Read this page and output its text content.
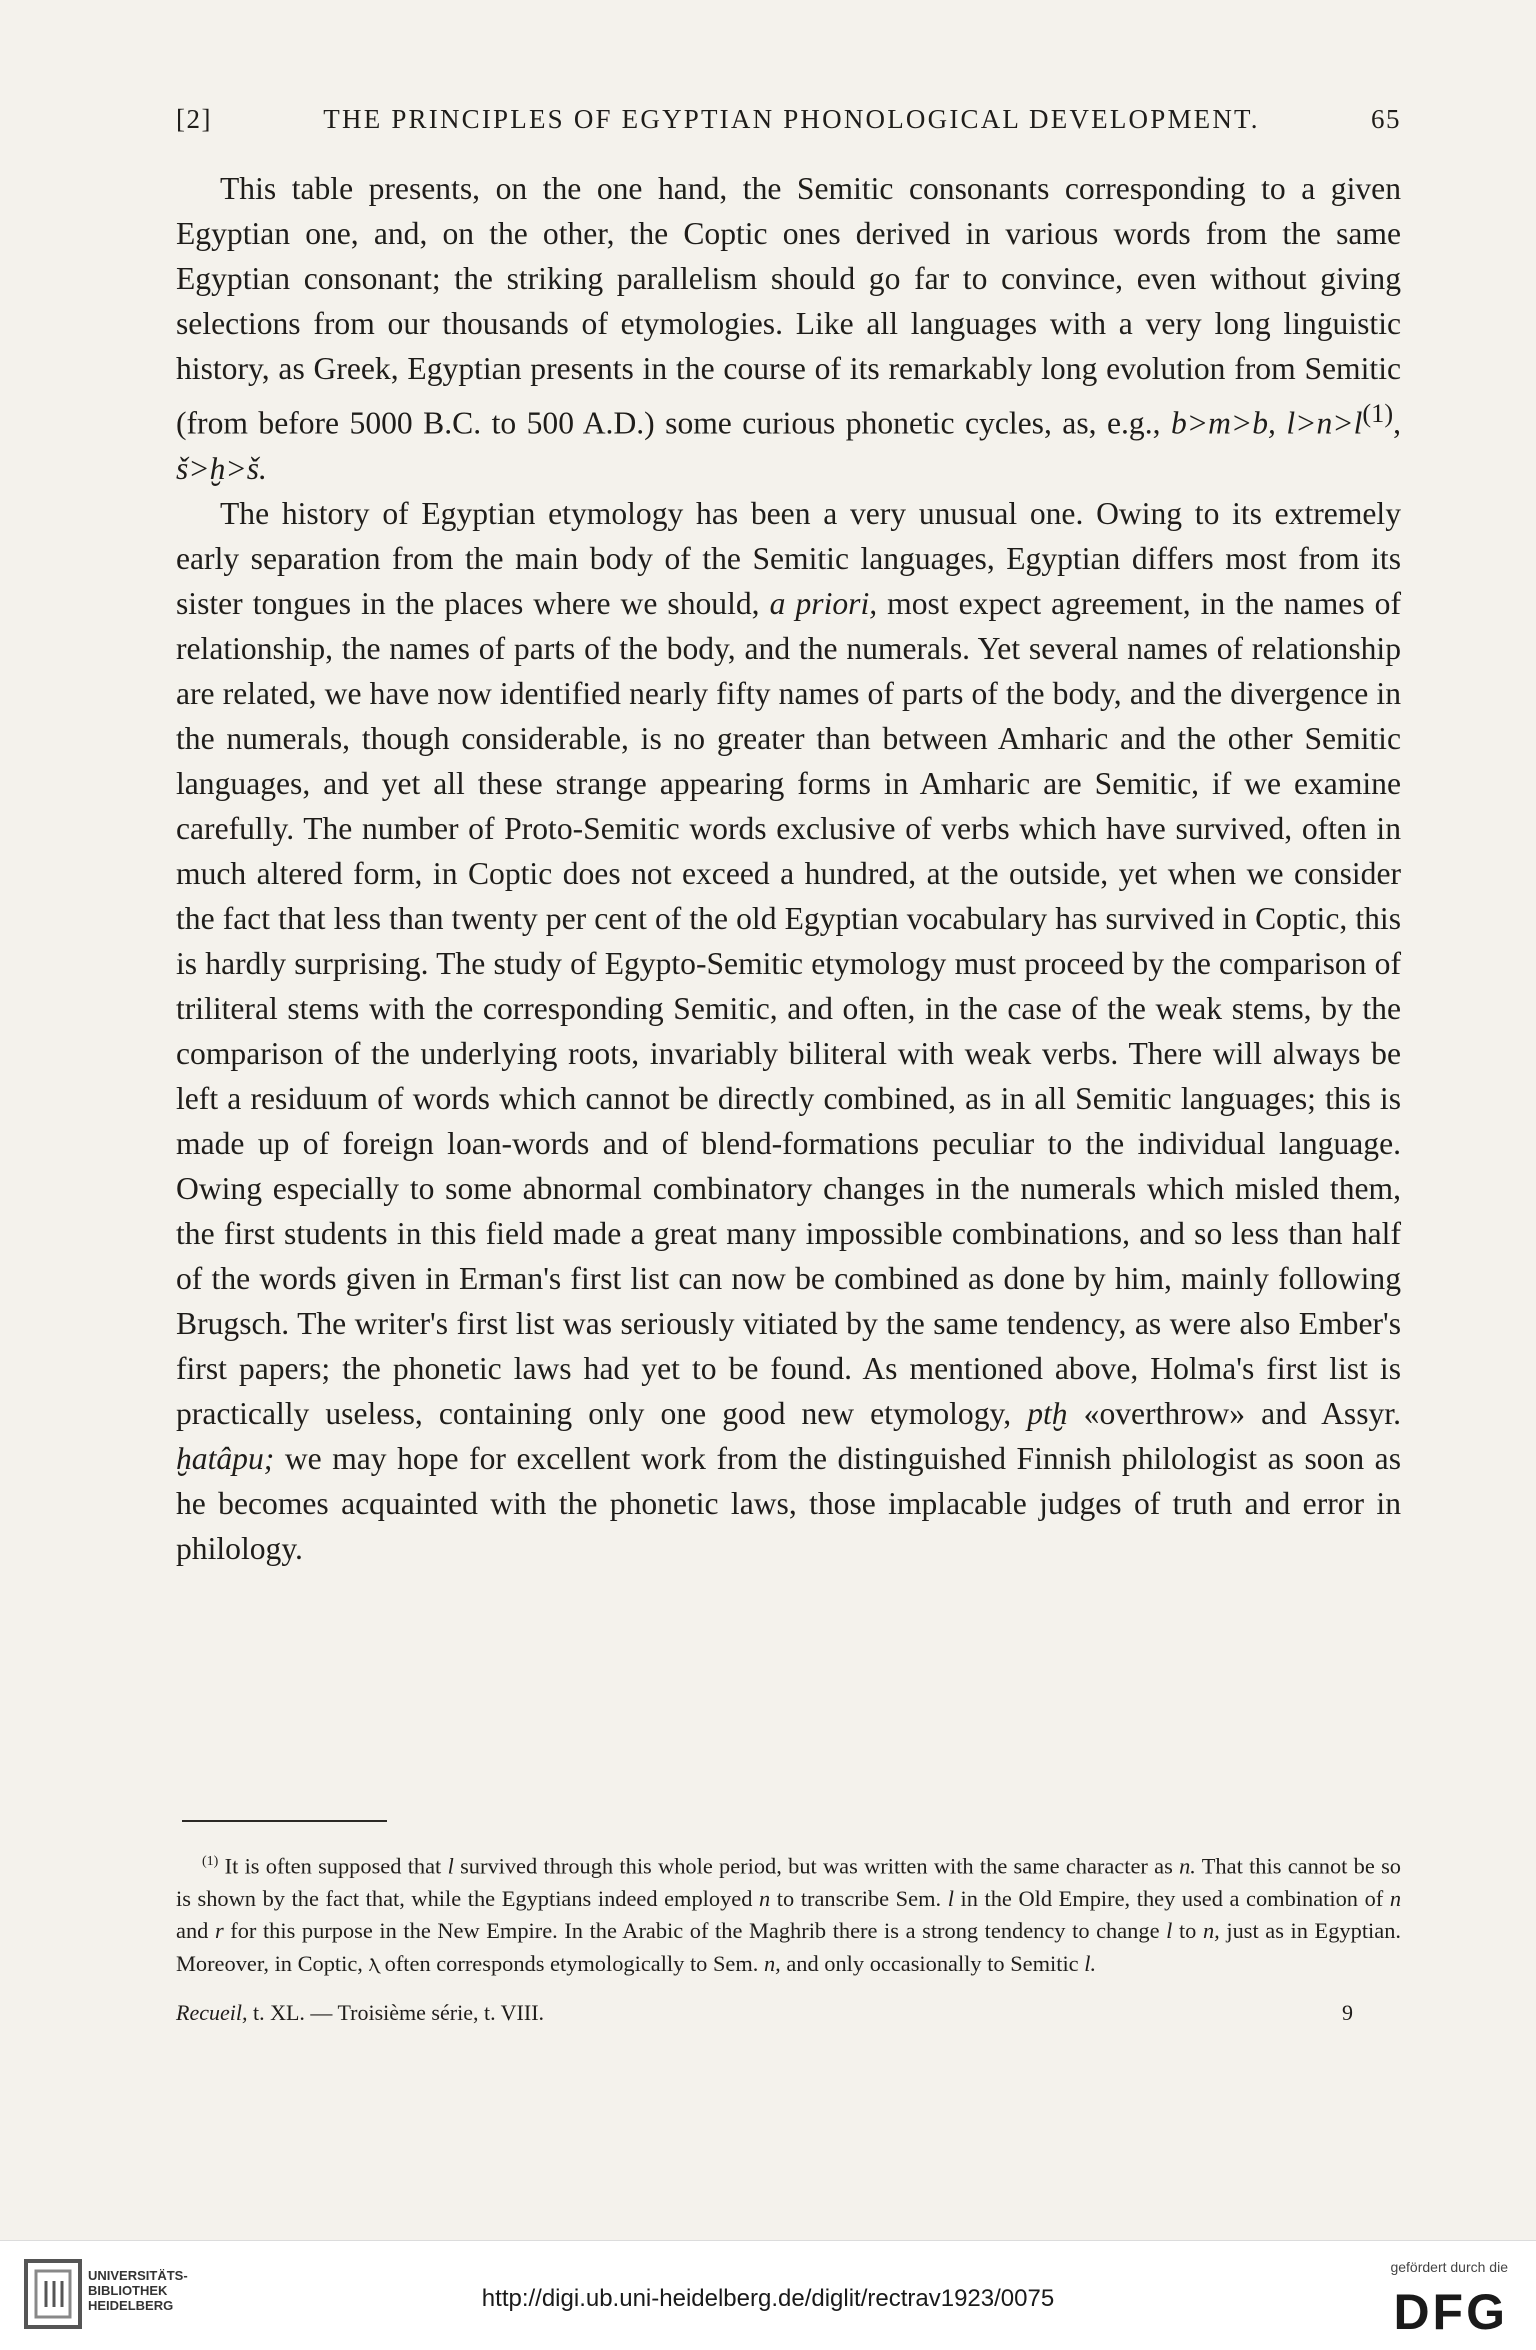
[2]	THE PRINCIPLES OF EGYPTIAN PHONOLOGICAL DEVELOPMENT.	65

This table presents, on the one hand, the Semitic consonants corresponding to a given Egyptian one, and, on the other, the Coptic ones derived in various words from the same Egyptian consonant; the striking parallelism should go far to convince, even without giving selections from our thousands of etymologies. Like all languages with a very long linguistic history, as Greek, Egyptian presents in the course of its remarkably long evolution from Semitic (from before 5000 B.C. to 500 A.D.) some curious phonetic cycles, as, e.g., b>m>b, $l>n>l^{(1)}$, š>ḫ>š.

The history of Egyptian etymology has been a very unusual one. Owing to its extremely early separation from the main body of the Semitic languages, Egyptian differs most from its sister tongues in the places where we should, a priori, most expect agreement, in the names of relationship, the names of parts of the body, and the numerals. Yet several names of relationship are related, we have now identified nearly fifty names of parts of the body, and the divergence in the numerals, though considerable, is no greater than between Amharic and the other Semitic languages, and yet all these strange appearing forms in Amharic are Semitic, if we examine carefully. The number of Proto-Semitic words exclusive of verbs which have survived, often in much altered form, in Coptic does not exceed a hundred, at the outside, yet when we consider the fact that less than twenty per cent of the old Egyptian vocabulary has survived in Coptic, this is hardly surprising. The study of Egypto-Semitic etymology must proceed by the comparison of triliteral stems with the corresponding Semitic, and often, in the case of the weak stems, by the comparison of the underlying roots, invariably biliteral with weak verbs. There will always be left a residuum of words which cannot be directly combined, as in all Semitic languages; this is made up of foreign loan-words and of blend-formations peculiar to the individual language. Owing especially to some abnormal combinatory changes in the numerals which misled them, the first students in this field made a great many impossible combinations, and so less than half of the words given in Erman's first list can now be combined as done by him, mainly following Brugsch. The writer's first list was seriously vitiated by the same tendency, as were also Ember's first papers; the phonetic laws had yet to be found. As mentioned above, Holma's first list is practically useless, containing only one good new etymology, ptḫ «overthrow» and Assyr. ḫatâpu; we may hope for excellent work from the distinguished Finnish philologist as soon as he becomes acquainted with the phonetic laws, those implacable judges of truth and error in philology.

$^{(1)}$ It is often supposed that l survived through this whole period, but was written with the same character as n. That this cannot be so is shown by the fact that, while the Egyptians indeed employed n to transcribe Sem. l in the Old Empire, they used a combination of n and r for this purpose in the New Empire. In the Arabic of the Maghrib there is a strong tendency to change l to n, just as in Egyptian. Moreover, in Coptic, ⲗ often corresponds etymologically to Sem. n, and only occasionally to Semitic l.

Recueil, t. XL. — Troisième série, t. VIII.	9
UNIVERSITÄTS-
BIBLIOTHEK
HEIDELBERG	http://digi.ub.uni-heidelberg.de/diglit/rectrav1923/0075
gefördert durch die
DFG
